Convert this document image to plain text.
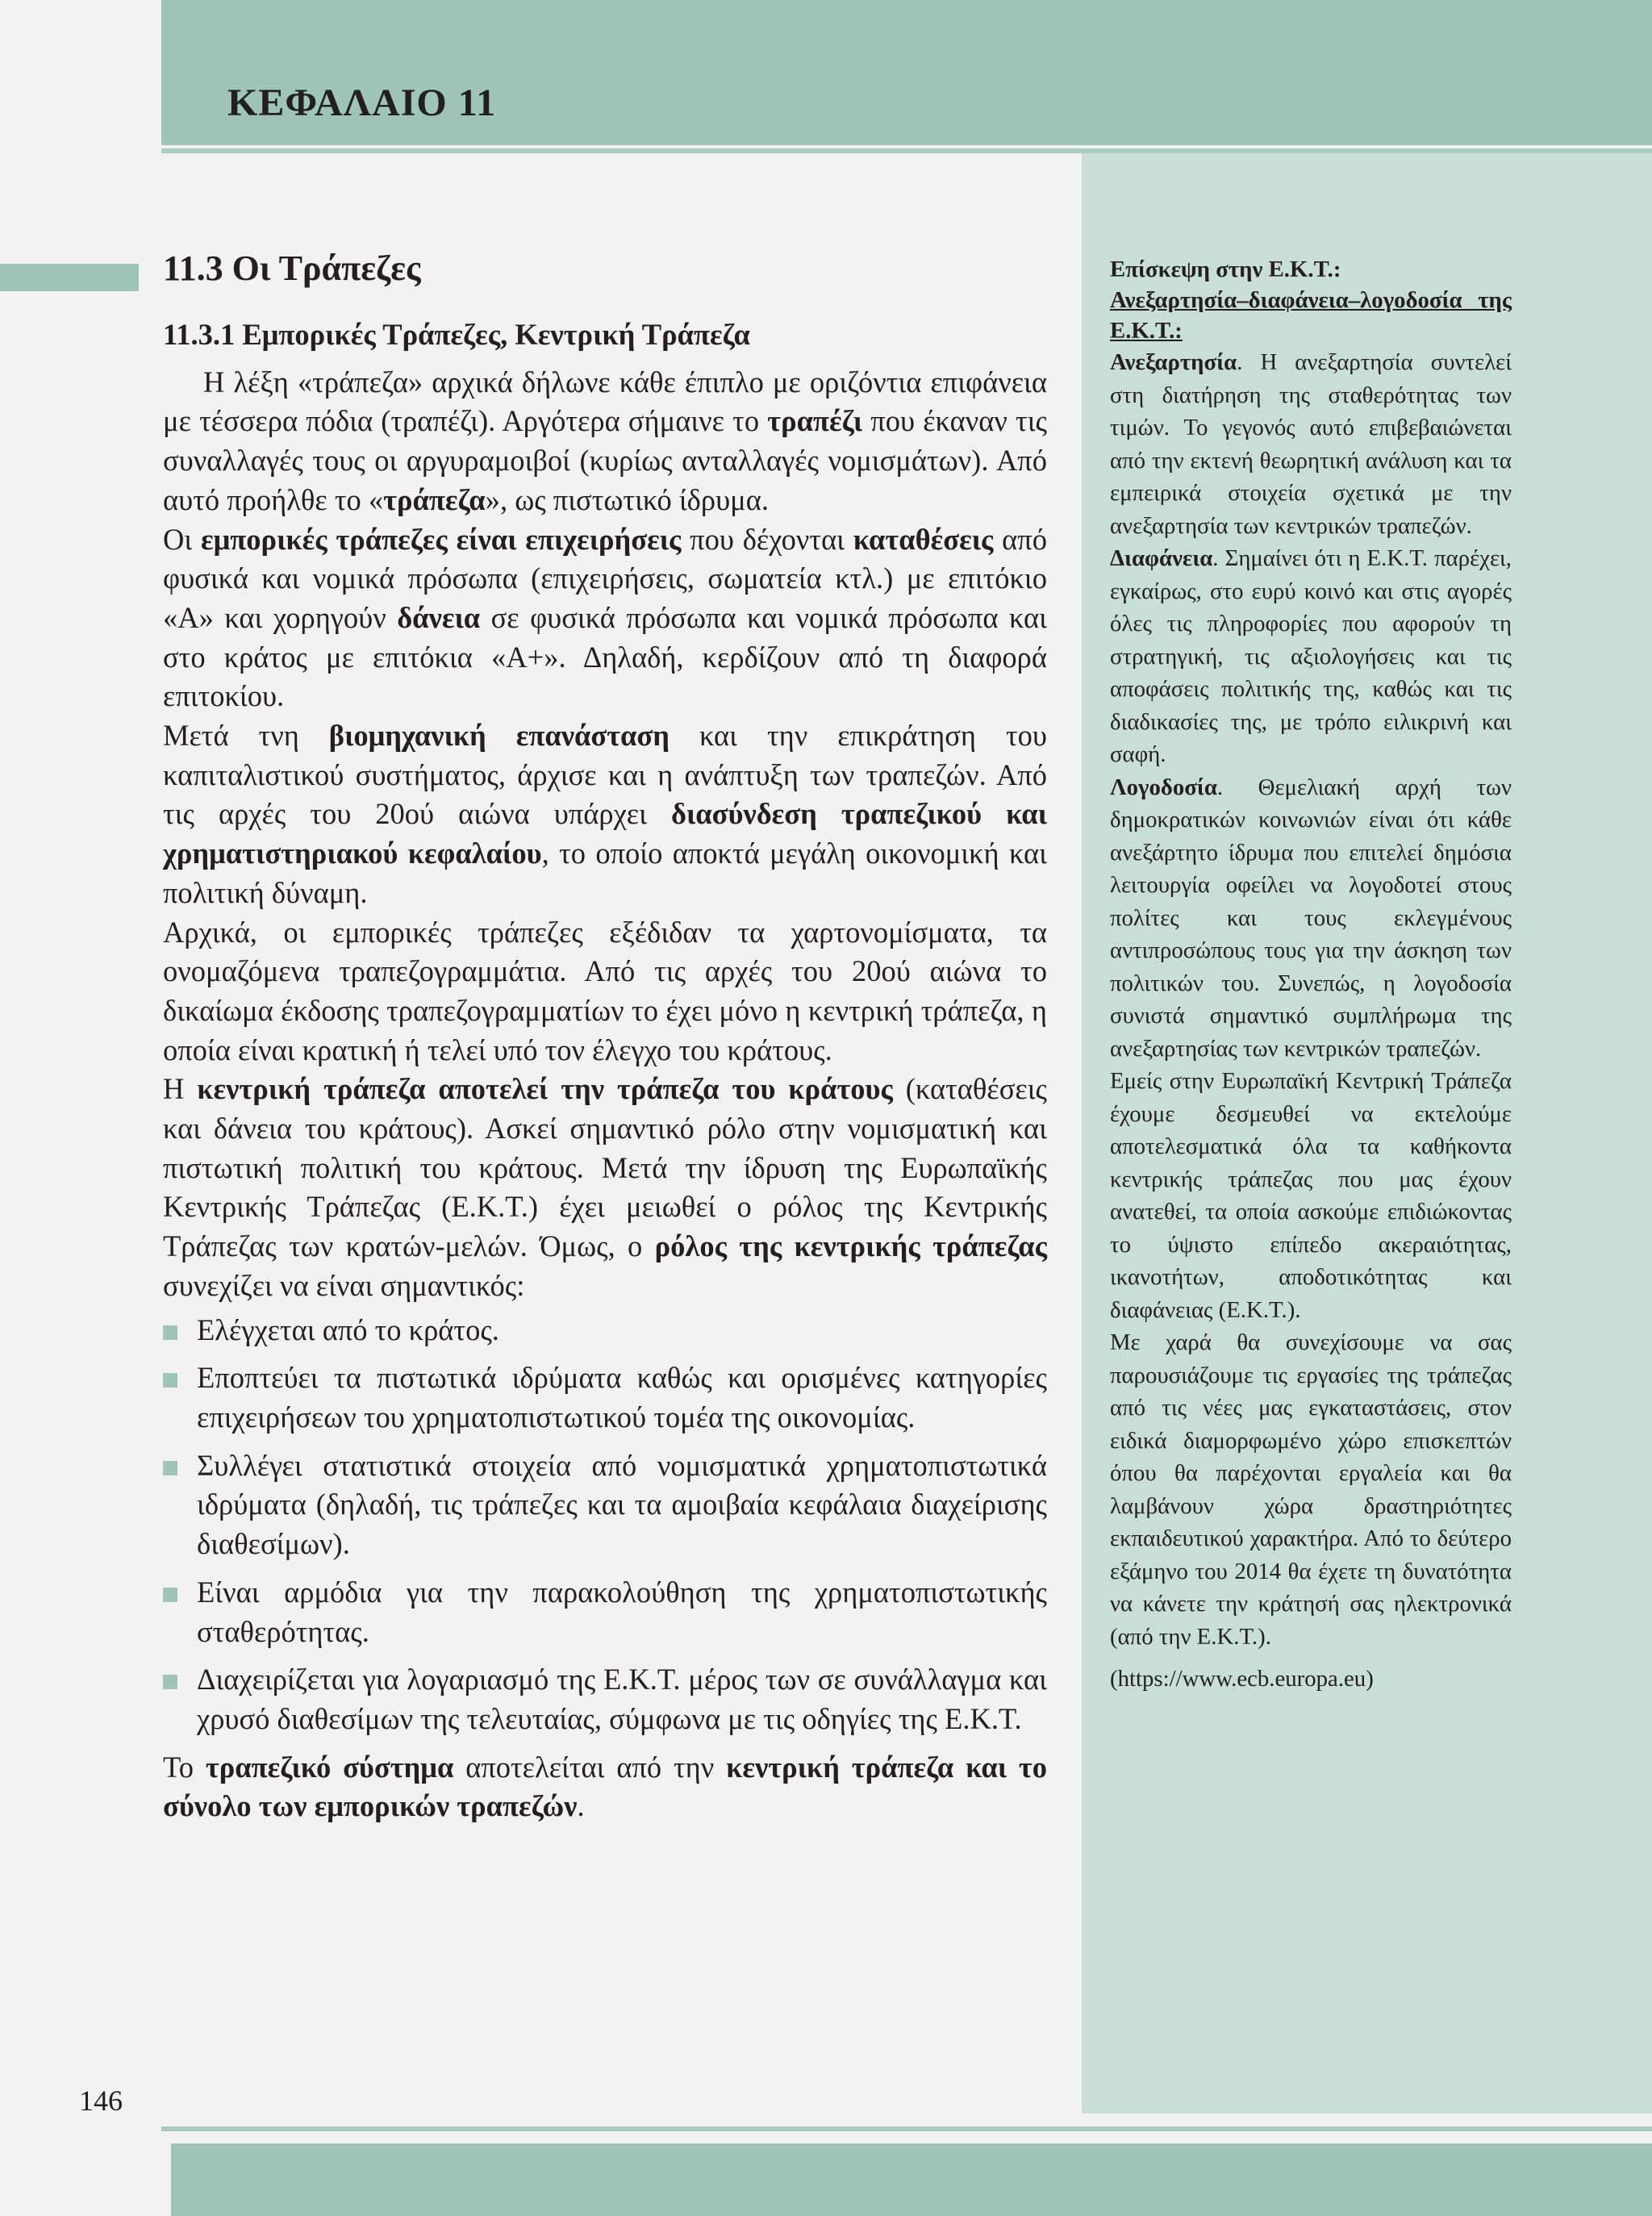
ΚΕΦΑΛΑΙΟ 11
11.3 Οι Τράπεζες
11.3.1 Εμπορικές Τράπεζες, Κεντρική Τράπεζα

Η λέξη «τράπεζα» αρχικά δήλωνε κάθε έπιπλο με οριζόντια επιφάνεια με τέσσερα πόδια (τραπέζι). Αργότερα σήμαινε το τραπέζι που έκαναν τις συναλλαγές τους οι αργυραμοιβοί (κυρίως ανταλλαγές νομισμάτων). Από αυτό προήλθε το «τράπεζα», ως πιστωτικό ίδρυμα.

Οι εμπορικές τράπεζες είναι επιχειρήσεις που δέχονται καταθέσεις από φυσικά και νομικά πρόσωπα (επιχειρήσεις, σωματεία κτλ.) με επιτόκιο «Α» και χορηγούν δάνεια σε φυσικά πρόσωπα και νομικά πρόσωπα και στο κράτος με επιτόκια «Α+». Δηλαδή, κερδίζουν από τη διαφορά επιτοκίου.

Μετά τνη βιομηχανική επανάσταση και την επικράτηση του καπιταλιστικού συστήματος, άρχισε και η ανάπτυξη των τραπεζών. Από τις αρχές του 20ού αιώνα υπάρχει διασύνδεση τραπεζικού και χρηματιστηριακού κεφαλαίου, το οποίο αποκτά μεγάλη οικονομική και πολιτική δύναμη.

Αρχικά, οι εμπορικές τράπεζες εξέδιδαν τα χαρτονομίσματα, τα ονομαζόμενα τραπεζογραμμάτια. Από τις αρχές του 20ού αιώνα το δικαίωμα έκδοσης τραπεζογραμματίων το έχει μόνο η κεντρική τράπεζα, η οποία είναι κρατική ή τελεί υπό τον έλεγχο του κράτους.

Η κεντρική τράπεζα αποτελεί την τράπεζα του κράτους (καταθέσεις και δάνεια του κράτους). Ασκεί σημαντικό ρόλο στην νομισματική και πιστωτική πολιτική του κράτους. Μετά την ίδρυση της Ευρωπαϊκής Κεντρικής Τράπεζας (Ε.Κ.Τ.) έχει μειωθεί ο ρόλος της Κεντρικής Τράπεζας των κρατών-μελών. Όμως, ο ρόλος της κεντρικής τράπεζας συνεχίζει να είναι σημαντικός:

Ελέγχεται από το κράτος.
Εποπτεύει τα πιστωτικά ιδρύματα καθώς και ορισμένες κατηγορίες επιχειρήσεων του χρηματοπιστωτικού τομέα της οικονομίας.
Συλλέγει στατιστικά στοιχεία από νομισματικά χρηματοπιστωτικά ιδρύματα (δηλαδή, τις τράπεζες και τα αμοιβαία κεφάλαια διαχείρισης διαθεσίμων).
Είναι αρμόδια για την παρακολούθηση της χρηματοπιστωτικής σταθερότητας.
Διαχειρίζεται για λογαριασμό της Ε.Κ.Τ. μέρος των σε συνάλλαγμα και χρυσό διαθεσίμων της τελευταίας, σύμφωνα με τις οδηγίες της Ε.Κ.Τ.

Το τραπεζικό σύστημα αποτελείται από την κεντρική τράπεζα και το σύνολο των εμπορικών τραπεζών.

Επίσκεψη στην Ε.Κ.Τ.:
Ανεξαρτησία–διαφάνεια–λογοδοσία της Ε.Κ.Τ.:

Ανεξαρτησία. Η ανεξαρτησία συντελεί στη διατήρηση της σταθερότητας των τιμών. Το γεγονός αυτό επιβεβαιώνεται από την εκτενή θεωρητική ανάλυση και τα εμπειρικά στοιχεία σχετικά με την ανεξαρτησία των κεντρικών τραπεζών.

Διαφάνεια. Σημαίνει ότι η Ε.Κ.Τ. παρέχει, εγκαίρως, στο ευρύ κοινό και στις αγορές όλες τις πληροφορίες που αφορούν τη στρατηγική, τις αξιολογήσεις και τις αποφάσεις πολιτικής της, καθώς και τις διαδικασίες της, με τρόπο ειλικρινή και σαφή.

Λογοδοσία. Θεμελιακή αρχή των δημοκρατικών κοινωνιών είναι ότι κάθε ανεξάρτητο ίδρυμα που επιτελεί δημόσια λειτουργία οφείλει να λογοδοτεί στους πολίτες και τους εκλεγμένους αντιπροσώπους τους για την άσκηση των πολιτικών του. Συνεπώς, η λογοδοσία συνιστά σημαντικό συμπλήρωμα της ανεξαρτησίας των κεντρικών τραπεζών.

Εμείς στην Ευρωπαϊκή Κεντρική Τράπεζα έχουμε δεσμευθεί να εκτελούμε αποτελεσματικά όλα τα καθήκοντα κεντρικής τράπεζας που μας έχουν ανατεθεί, τα οποία ασκούμε επιδιώκοντας το ύψιστο επίπεδο ακεραιότητας, ικανοτήτων, αποδοτικότητας και διαφάνειας (Ε.Κ.Τ.).

Με χαρά θα συνεχίσουμε να σας παρουσιάζουμε τις εργασίες της τράπεζας από τις νέες μας εγκαταστάσεις, στον ειδικά διαμορφωμένο χώρο επισκεπτών όπου θα παρέχονται εργαλεία και θα λαμβάνουν χώρα δραστηριότητες εκπαιδευτικού χαρακτήρα. Από το δεύτερο εξάμηνο του 2014 θα έχετε τη δυνατότητα να κάνετε την κράτησή σας ηλεκτρονικά (από την Ε.Κ.Τ.).

(https://www.ecb.europa.eu)

146
